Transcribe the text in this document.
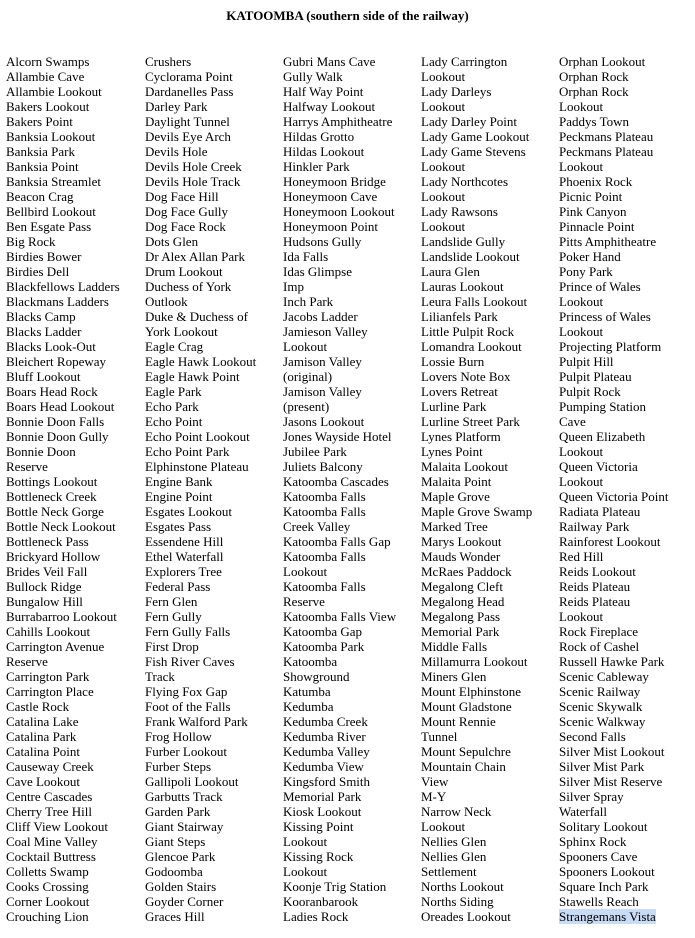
KATOOMBA (southern side of the railway)
Alcorn Swamps
Allambie Cave
Allambie Lookout
Bakers Lookout
Bakers Point
Banksia Lookout
Banksia Park
Banksia Point
Banksia Streamlet
Beacon Crag
Bellbird Lookout
Ben Esgate Pass
Big Rock
Birdies Bower
Birdies Dell
Blackfellows Ladders
Blackmans Ladders
Blacks Camp
Blacks Ladder
Blacks Look-Out
Bleichert Ropeway
Bluff Lookout
Boars Head Rock
Boars Head Lookout
Bonnie Doon Falls
Bonnie Doon Gully
Bonnie Doon
Reserve
Bottings Lookout
Bottleneck Creek
Bottle Neck Gorge
Bottle Neck Lookout
Bottleneck Pass
Brickyard Hollow
Brides Veil Fall
Bullock Ridge
Bungalow Hill
Burrabarroo Lookout
Cahills Lookout
Carrington Avenue
Reserve
Carrington Park
Carrington Place
Castle Rock
Catalina Lake
Catalina Park
Catalina Point
Causeway Creek
Cave Lookout
Centre Cascades
Cherry Tree Hill
Cliff View Lookout
Coal Mine Valley
Cocktail Buttress
Colletts Swamp
Cooks Crossing
Corner Lookout
Crouching Lion
Crushers
Cyclorama Point
Dardanelles Pass
Darley Park
Daylight Tunnel
Devils Eye Arch
Devils Hole
Devils Hole Creek
Devils Hole Track
Dog Face Hill
Dog Face Gully
Dog Face Rock
Dots Glen
Dr Alex Allan Park
Drum Lookout
Duchess of York
Outlook
Duke & Duchess of
York Lookout
Eagle Crag
Eagle Hawk Lookout
Eagle Hawk Point
Eagle Park
Echo Park
Echo Point
Echo Point Lookout
Echo Point Park
Elphinstone Plateau
Engine Bank
Engine Point
Esgates Lookout
Esgates Pass
Essendene Hill
Ethel Waterfall
Explorers Tree
Federal Pass
Fern Glen
Fern Gully
Fern Gully Falls
First Drop
Fish River Caves
Track
Flying Fox Gap
Foot of the Falls
Frank Walford Park
Frog Hollow
Furber Lookout
Furber Steps
Gallipoli Lookout
Garbutts Track
Garden Park
Giant Stairway
Giant Steps
Glencoe Park
Godoomba
Golden Stairs
Goyder Corner
Graces Hill
Gubri Mans Cave
Gully Walk
Half Way Point
Halfway Lookout
Harrys Amphitheatre
Hildas Grotto
Hildas Lookout
Hinkler Park
Honeymoon Bridge
Honeymoon Cave
Honeymoon Lookout
Honeymoon Point
Hudsons Gully
Ida Falls
Idas Glimpse
Imp
Inch Park
Jacobs Ladder
Jamieson Valley
Lookout
Jamison Valley
(original)
Jamison Valley
(present)
Jasons Lookout
Jones Wayside Hotel
Jubilee Park
Juliets Balcony
Katoomba Cascades
Katoomba Falls
Katoomba Falls
Creek Valley
Katoomba Falls Gap
Katoomba Falls
Lookout
Katoomba Falls
Reserve
Katoomba Falls View
Katoomba Gap
Katoomba Park
Katoomba
Showground
Katumba
Kedumba
Kedumba Creek
Kedumba River
Kedumba Valley
Kedumba View
Kingsford Smith
Memorial Park
Kiosk Lookout
Kissing Point
Lookout
Kissing Rock
Lookout
Koonje Trig Station
Kooranbarook
Ladies Rock
Lady Carrington
Lookout
Lady Darleys
Lookout
Lady Darley Point
Lady Game Lookout
Lady Game Stevens
Lookout
Lady Northcotes
Lookout
Lady Rawsons
Lookout
Landslide Gully
Landslide Lookout
Laura Glen
Lauras Lookout
Leura Falls Lookout
Lilianfels Park
Little Pulpit Rock
Lomandra Lookout
Lossie Burn
Lovers Note Box
Lovers Retreat
Lurline Park
Lurline Street Park
Lynes Platform
Lynes Point
Malaita Lookout
Malaita Point
Maple Grove
Maple Grove Swamp
Marked Tree
Marys Lookout
Mauds Wonder
McRaes Paddock
Megalong Cleft
Megalong Head
Megalong Pass
Memorial Park
Middle Falls
Millamurra Lookout
Miners Glen
Mount Elphinstone
Mount Gladstone
Mount Rennie
Tunnel
Mount Sepulchre
Mountain Chain
View
M-Y
Narrow Neck
Lookout
Nellies Glen
Nellies Glen
Settlement
Norths Lookout
Norths Siding
Oreades Lookout
Orphan Lookout
Orphan Rock
Orphan Rock
Lookout
Paddys Town
Peckmans Plateau
Peckmans Plateau
Lookout
Phoenix Rock
Picnic Point
Pink Canyon
Pinnacle Point
Pitts Amphitheatre
Poker Hand
Pony Park
Prince of Wales
Lookout
Princess of Wales
Lookout
Projecting Platform
Pulpit Hill
Pulpit Plateau
Pulpit Rock
Pumping Station
Cave
Queen Elizabeth
Lookout
Queen Victoria
Lookout
Queen Victoria Point
Radiata Plateau
Railway Park
Rainforest Lookout
Red Hill
Reids Lookout
Reids Plateau
Reids Plateau
Lookout
Rock Fireplace
Rock of Cashel
Russell Hawke Park
Scenic Cableway
Scenic Railway
Scenic Skywalk
Scenic Walkway
Second Falls
Silver Mist Lookout
Silver Mist Park
Silver Mist Reserve
Silver Spray
Waterfall
Solitary Lookout
Sphinx Rock
Spooners Cave
Spooners Lookout
Square Inch Park
Stawells Reach
Strangemans Vista
